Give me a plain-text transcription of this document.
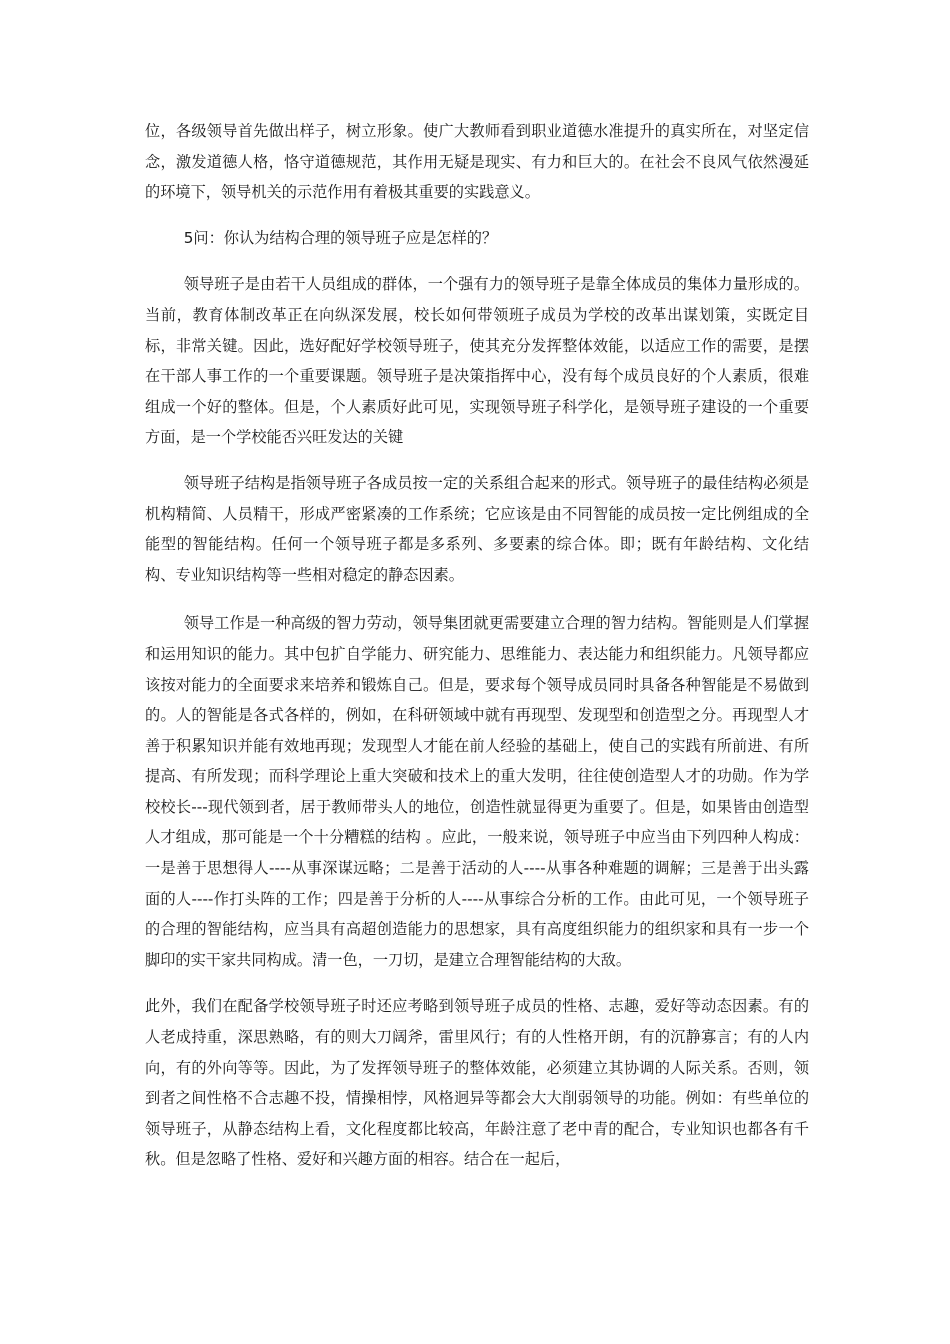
位，各级领导首先做出样子，树立形象。使广大教师看到职业道德水准提升的真实所在，对坚定信念，激发道德人格，恪守道德规范，其作用无疑是现实、有力和巨大的。在社会不良风气依然漫延的环境下，领导机关的示范作用有着极其重要的实践意义。

5问：你认为结构合理的领导班子应是怎样的？

领导班子是由若干人员组成的群体，一个强有力的领导班子是靠全体成员的集体力量形成的。当前，教育体制改革正在向纵深发展，校长如何带领班子成员为学校的改革出谋划策，实既定目标，非常关键。因此，选好配好学校领导班子，使其充分发挥整体效能，以适应工作的需要，是摆在干部人事工作的一个重要课题。领导班子是决策指挥中心，没有每个成员良好的个人素质，很难组成一个好的整体。但是，个人素质好此可见，实现领导班子科学化，是领导班子建设的一个重要方面，是一个学校能否兴旺发达的关键

领导班子结构是指领导班子各成员按一定的关系组合起来的形式。领导班子的最佳结构必须是机构精简、人员精干，形成严密紧凑的工作系统；它应该是由不同智能的成员按一定比例组成的全能型的智能结构。任何一个领导班子都是多系列、多要素的综合体。即；既有年龄结构、文化结构、专业知识结构等一些相对稳定的静态因素。

领导工作是一种高级的智力劳动，领导集团就更需要建立合理的智力结构。智能则是人们掌握和运用知识的能力。其中包扩自学能力、研究能力、思维能力、表达能力和组织能力。凡领导都应该按对能力的全面要求来培养和锻炼自己。但是，要求每个领导成员同时具备各种智能是不易做到的。人的智能是各式各样的，例如，在科研领域中就有再现型、发现型和创造型之分。再现型人才善于积累知识并能有效地再现；发现型人才能在前人经验的基础上，使自己的实践有所前进、有所提高、有所发现；而科学理论上重大突破和技术上的重大发明，往往使创造型人才的功勋。作为学校校长---现代领到者，居于教师带头人的地位，创造性就显得更为重要了。但是，如果皆由创造型人才组成，那可能是一个十分糟糕的结构 。应此，一般来说，领导班子中应当由下列四种人构成：一是善于思想得人----从事深谋远略；二是善于活动的人----从事各种难题的调解；三是善于出头露面的人----作打头阵的工作；四是善于分析的人----从事综合分析的工作。由此可见，一个领导班子的合理的智能结构，应当具有高超创造能力的思想家，具有高度组织能力的组织家和具有一步一个脚印的实干家共同构成。清一色，一刀切，是建立合理智能结构的大敌。

此外，我们在配备学校领导班子时还应考略到领导班子成员的性格、志趣，爱好等动态因素。有的人老成持重，深思熟略，有的则大刀阔斧，雷里风行；有的人性格开朗，有的沉静寡言；有的人内向，有的外向等等。因此，为了发挥领导班子的整体效能，必须建立其协调的人际关系。否则，领到者之间性格不合志趣不投，情操相悖，风格迥异等都会大大削弱领导的功能。例如：有些单位的领导班子，从静态结构上看，文化程度都比较高，年龄注意了老中青的配合，专业知识也都各有千秋。但是忽略了性格、爱好和兴趣方面的相容。结合在一起后，
